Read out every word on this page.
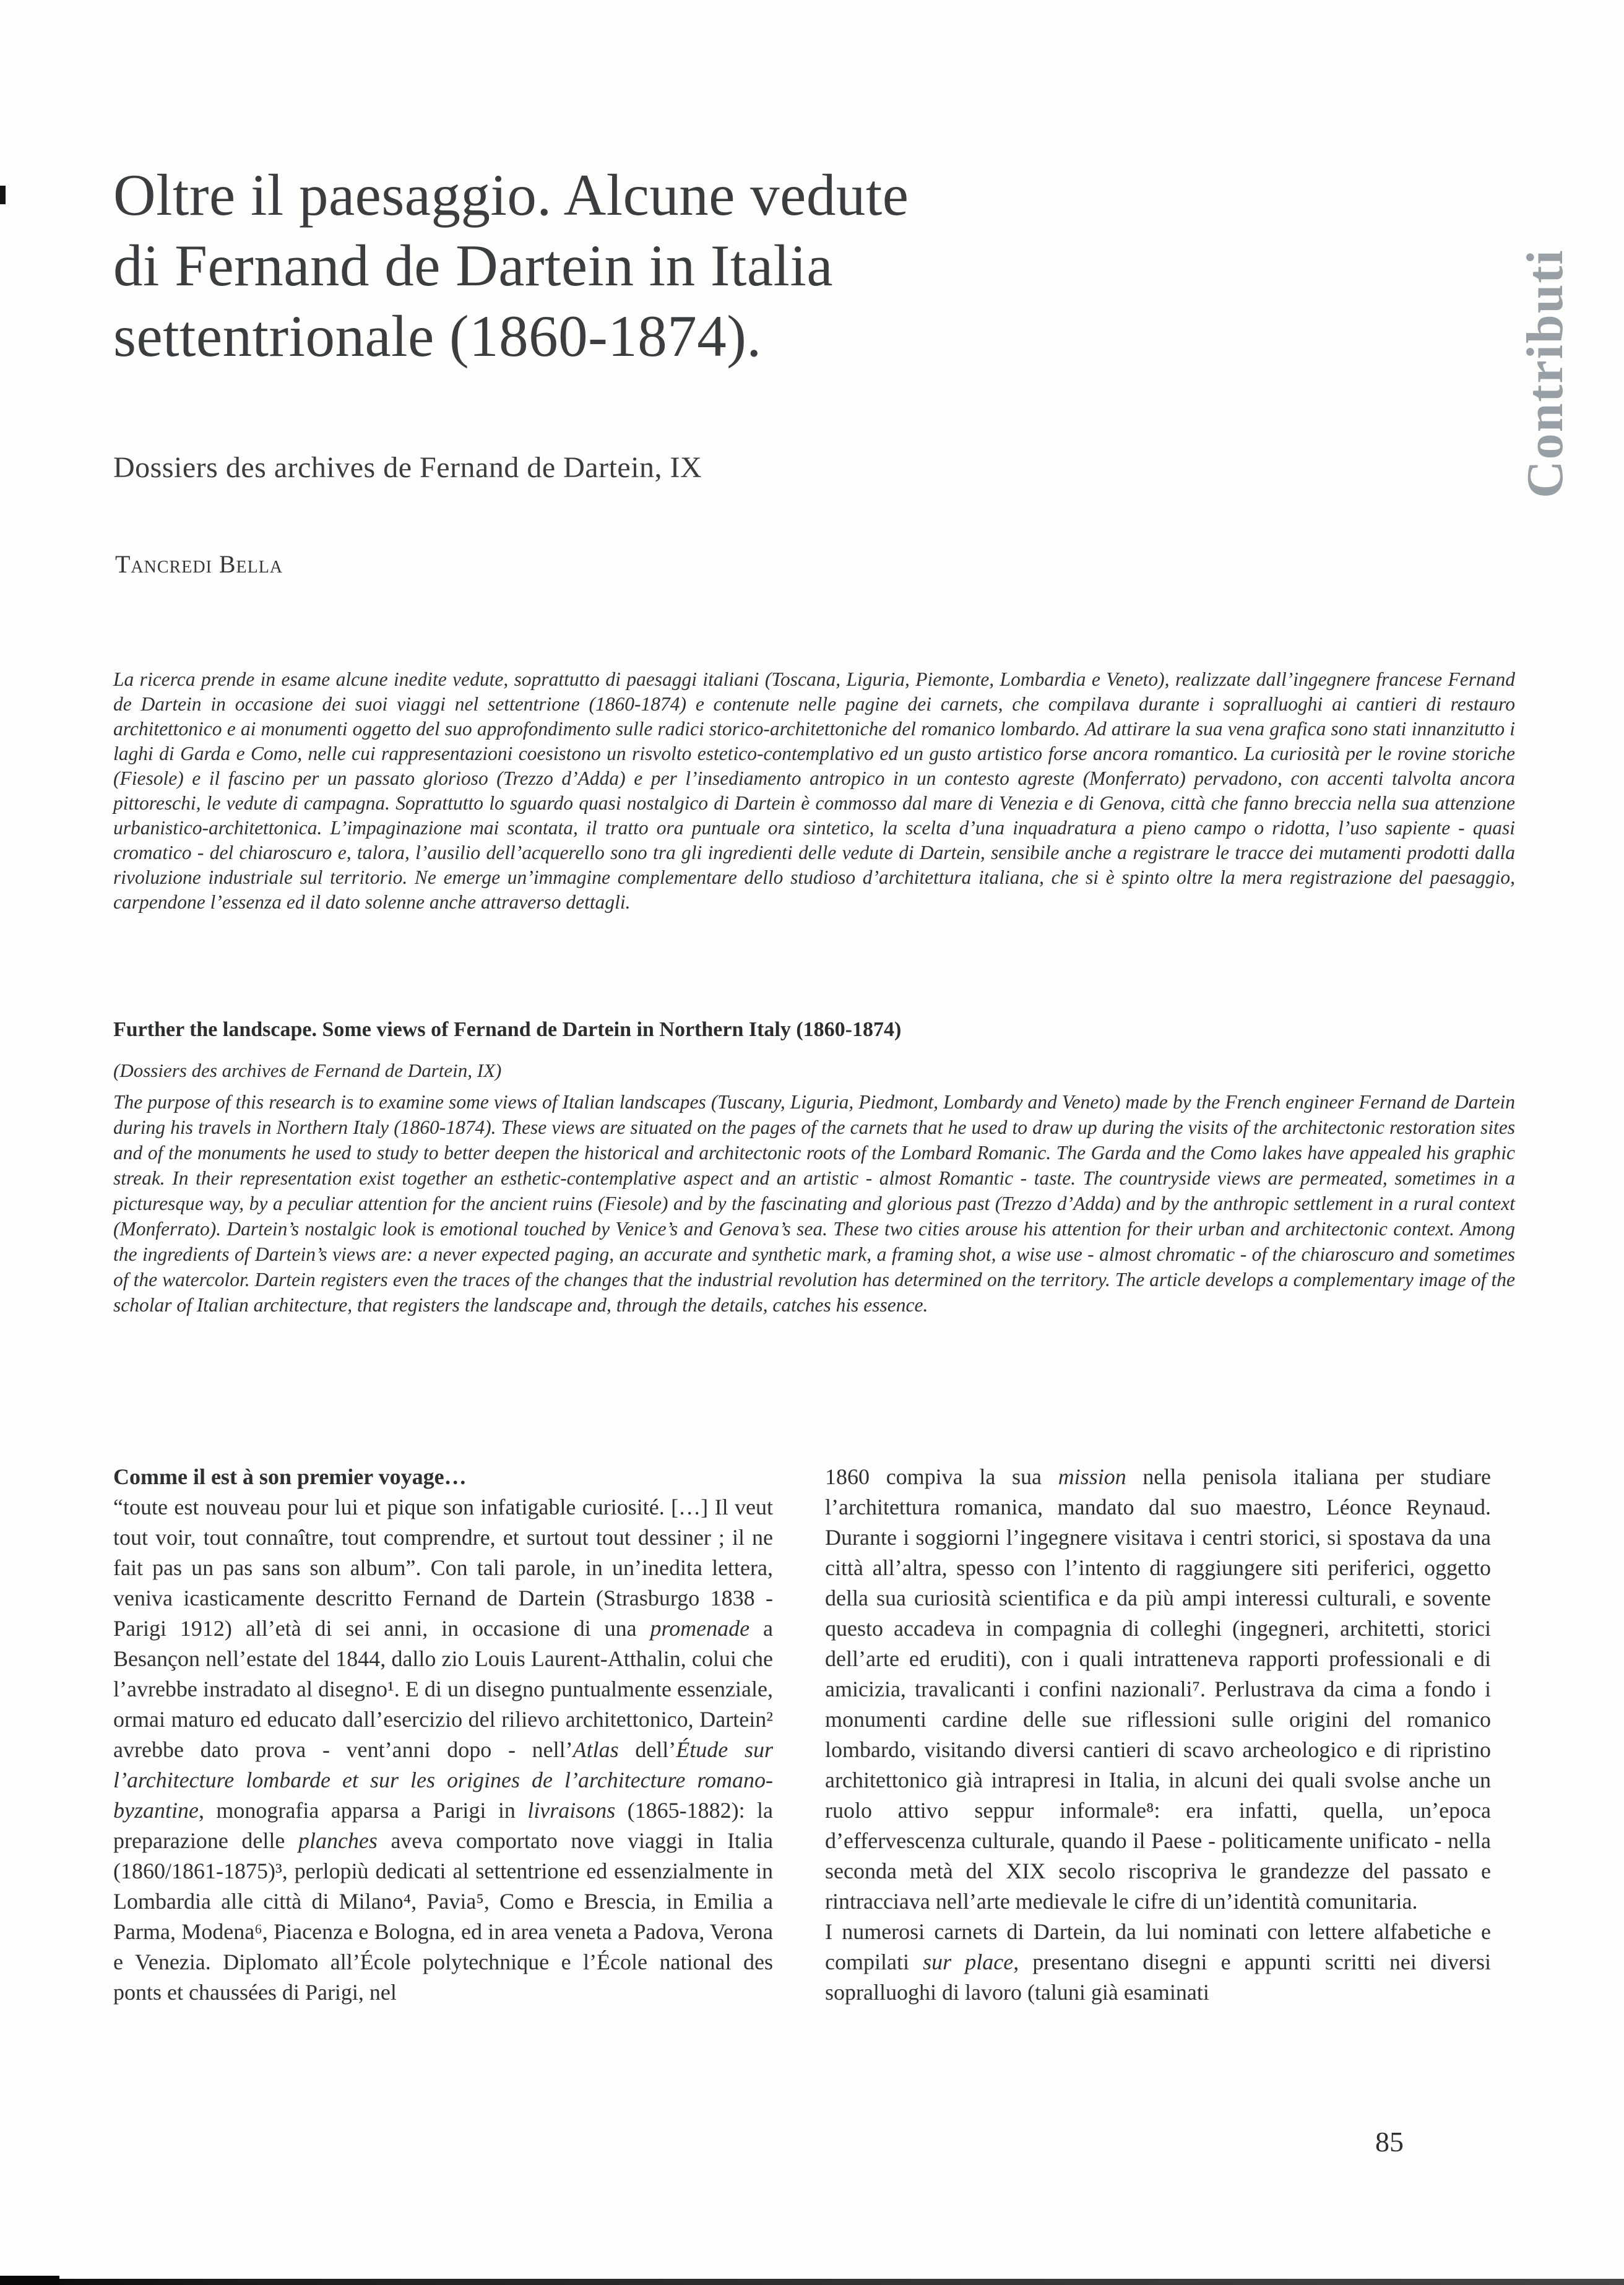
Contributi
Oltre il paesaggio. Alcune vedute
di Fernand de Dartein in Italia
settentrionale (1860-1874).
Dossiers des archives de Fernand de Dartein, IX
Tancredi Bella
La ricerca prende in esame alcune inedite vedute, soprattutto di paesaggi italiani (Toscana, Liguria, Piemonte, Lombardia e Veneto), realizzate dall’ingegnere francese Fernand de Dartein in occasione dei suoi viaggi nel settentrione (1860-1874) e contenute nelle pagine dei carnets, che compilava durante i sopralluoghi ai cantieri di restauro architettonico e ai monumenti oggetto del suo approfondimento sulle radici storico-architettoniche del romanico lombardo. Ad attirare la sua vena grafica sono stati innanzitutto i laghi di Garda e Como, nelle cui rappresentazioni coesistono un risvolto estetico-contemplativo ed un gusto artistico forse ancora romantico. La curiosità per le rovine storiche (Fiesole) e il fascino per un passato glorioso (Trezzo d’Adda) e per l’insediamento antropico in un contesto agreste (Monferrato) pervadono, con accenti talvolta ancora pittoreschi, le vedute di campagna. Soprattutto lo sguardo quasi nostalgico di Dartein è commosso dal mare di Venezia e di Genova, città che fanno breccia nella sua attenzione urbanistico-architettonica. L’impaginazione mai scontata, il tratto ora puntuale ora sintetico, la scelta d’una inquadratura a pieno campo o ridotta, l’uso sapiente - quasi cromatico - del chiaroscuro e, talora, l’ausilio dell’acquerello sono tra gli ingredienti delle vedute di Dartein, sensibile anche a registrare le tracce dei mutamenti prodotti dalla rivoluzione industriale sul territorio. Ne emerge un’immagine complementare dello studioso d’architettura italiana, che si è spinto oltre la mera registrazione del paesaggio, carpendone l’essenza ed il dato solenne anche attraverso dettagli.
Further the landscape. Some views of Fernand de Dartein in Northern Italy (1860-1874)
(Dossiers des archives de Fernand de Dartein, IX)
The purpose of this research is to examine some views of Italian landscapes (Tuscany, Liguria, Piedmont, Lombardy and Veneto) made by the French engineer Fernand de Dartein during his travels in Northern Italy (1860-1874). These views are situated on the pages of the carnets that he used to draw up during the visits of the architectonic restoration sites and of the monuments he used to study to better deepen the historical and architectonic roots of the Lombard Romanic. The Garda and the Como lakes have appealed his graphic streak. In their representation exist together an esthetic-contemplative aspect and an artistic - almost Romantic - taste. The countryside views are permeated, sometimes in a picturesque way, by a peculiar attention for the ancient ruins (Fiesole) and by the fascinating and glorious past (Trezzo d’Adda) and by the anthropic settlement in a rural context (Monferrato). Dartein’s nostalgic look is emotional touched by Venice’s and Genova’s sea. These two cities arouse his attention for their urban and architectonic context. Among the ingredients of Dartein’s views are: a never expected paging, an accurate and synthetic mark, a framing shot, a wise use - almost chromatic - of the chiaroscuro and sometimes of the watercolor. Dartein registers even the traces of the changes that the industrial revolution has determined on the territory. The article develops a complementary image of the scholar of Italian architecture, that registers the landscape and, through the details, catches his essence.
Comme il est à son premier voyage…

“toute est nouveau pour lui et pique son infatigable curiosité. […] Il veut tout voir, tout connaître, tout comprendre, et surtout tout dessiner ; il ne fait pas un pas sans son album”. Con tali parole, in un’inedita lettera, veniva icasticamente descritto Fernand de Dartein (Strasburgo 1838 - Parigi 1912) all’età di sei anni, in occasione di una promenade a Besançon nell’estate del 1844, dallo zio Louis Laurent-Atthalin, colui che l’avrebbe instradato al disegno¹. E di un disegno puntualmente essenziale, ormai maturo ed educato dall’esercizio del rilievo architettonico, Dartein² avrebbe dato prova - vent’anni dopo - nell’Atlas dell’Étude sur l’architecture lombarde et sur les origines de l’architecture romano-byzantine, monografia apparsa a Parigi in livraisons (1865-1882): la preparazione delle planches aveva comportato nove viaggi in Italia (1860/1861-1875)³, perlopiù dedicati al settentrione ed essenzialmente in Lombardia alle città di Milano⁴, Pavia⁵, Como e Brescia, in Emilia a Parma, Modena⁶, Piacenza e Bologna, ed in area veneta a Padova, Verona e Venezia. Diplomato all’École polytechnique e l’École national des ponts et chaussées di Parigi, nel

1860 compiva la sua mission nella penisola italiana per studiare l’architettura romanica, mandato dal suo maestro, Léonce Reynaud. Durante i soggiorni l’ingegnere visitava i centri storici, si spostava da una città all’altra, spesso con l’intento di raggiungere siti periferici, oggetto della sua curiosità scientifica e da più ampi interessi culturali, e sovente questo accadeva in compagnia di colleghi (ingegneri, architetti, storici dell’arte ed eruditi), con i quali intratteneva rapporti professionali e di amicizia, travalicanti i confini nazionali⁷. Perlustrava da cima a fondo i monumenti cardine delle sue riflessioni sulle origini del romanico lombardo, visitando diversi cantieri di scavo archeologico e di ripristino architettonico già intrapresi in Italia, in alcuni dei quali svolse anche un ruolo attivo seppur informale⁸: era infatti, quella, un’epoca d’effervescenza culturale, quando il Paese - politicamente unificato - nella seconda metà del XIX secolo riscopriva le grandezze del passato e rintracciava nell’arte medievale le cifre di un’identità comunitaria.

I numerosi carnets di Dartein, da lui nominati con lettere alfabetiche e compilati sur place, presentano disegni e appunti scritti nei diversi sopralluoghi di lavoro (taluni già esaminati

85
